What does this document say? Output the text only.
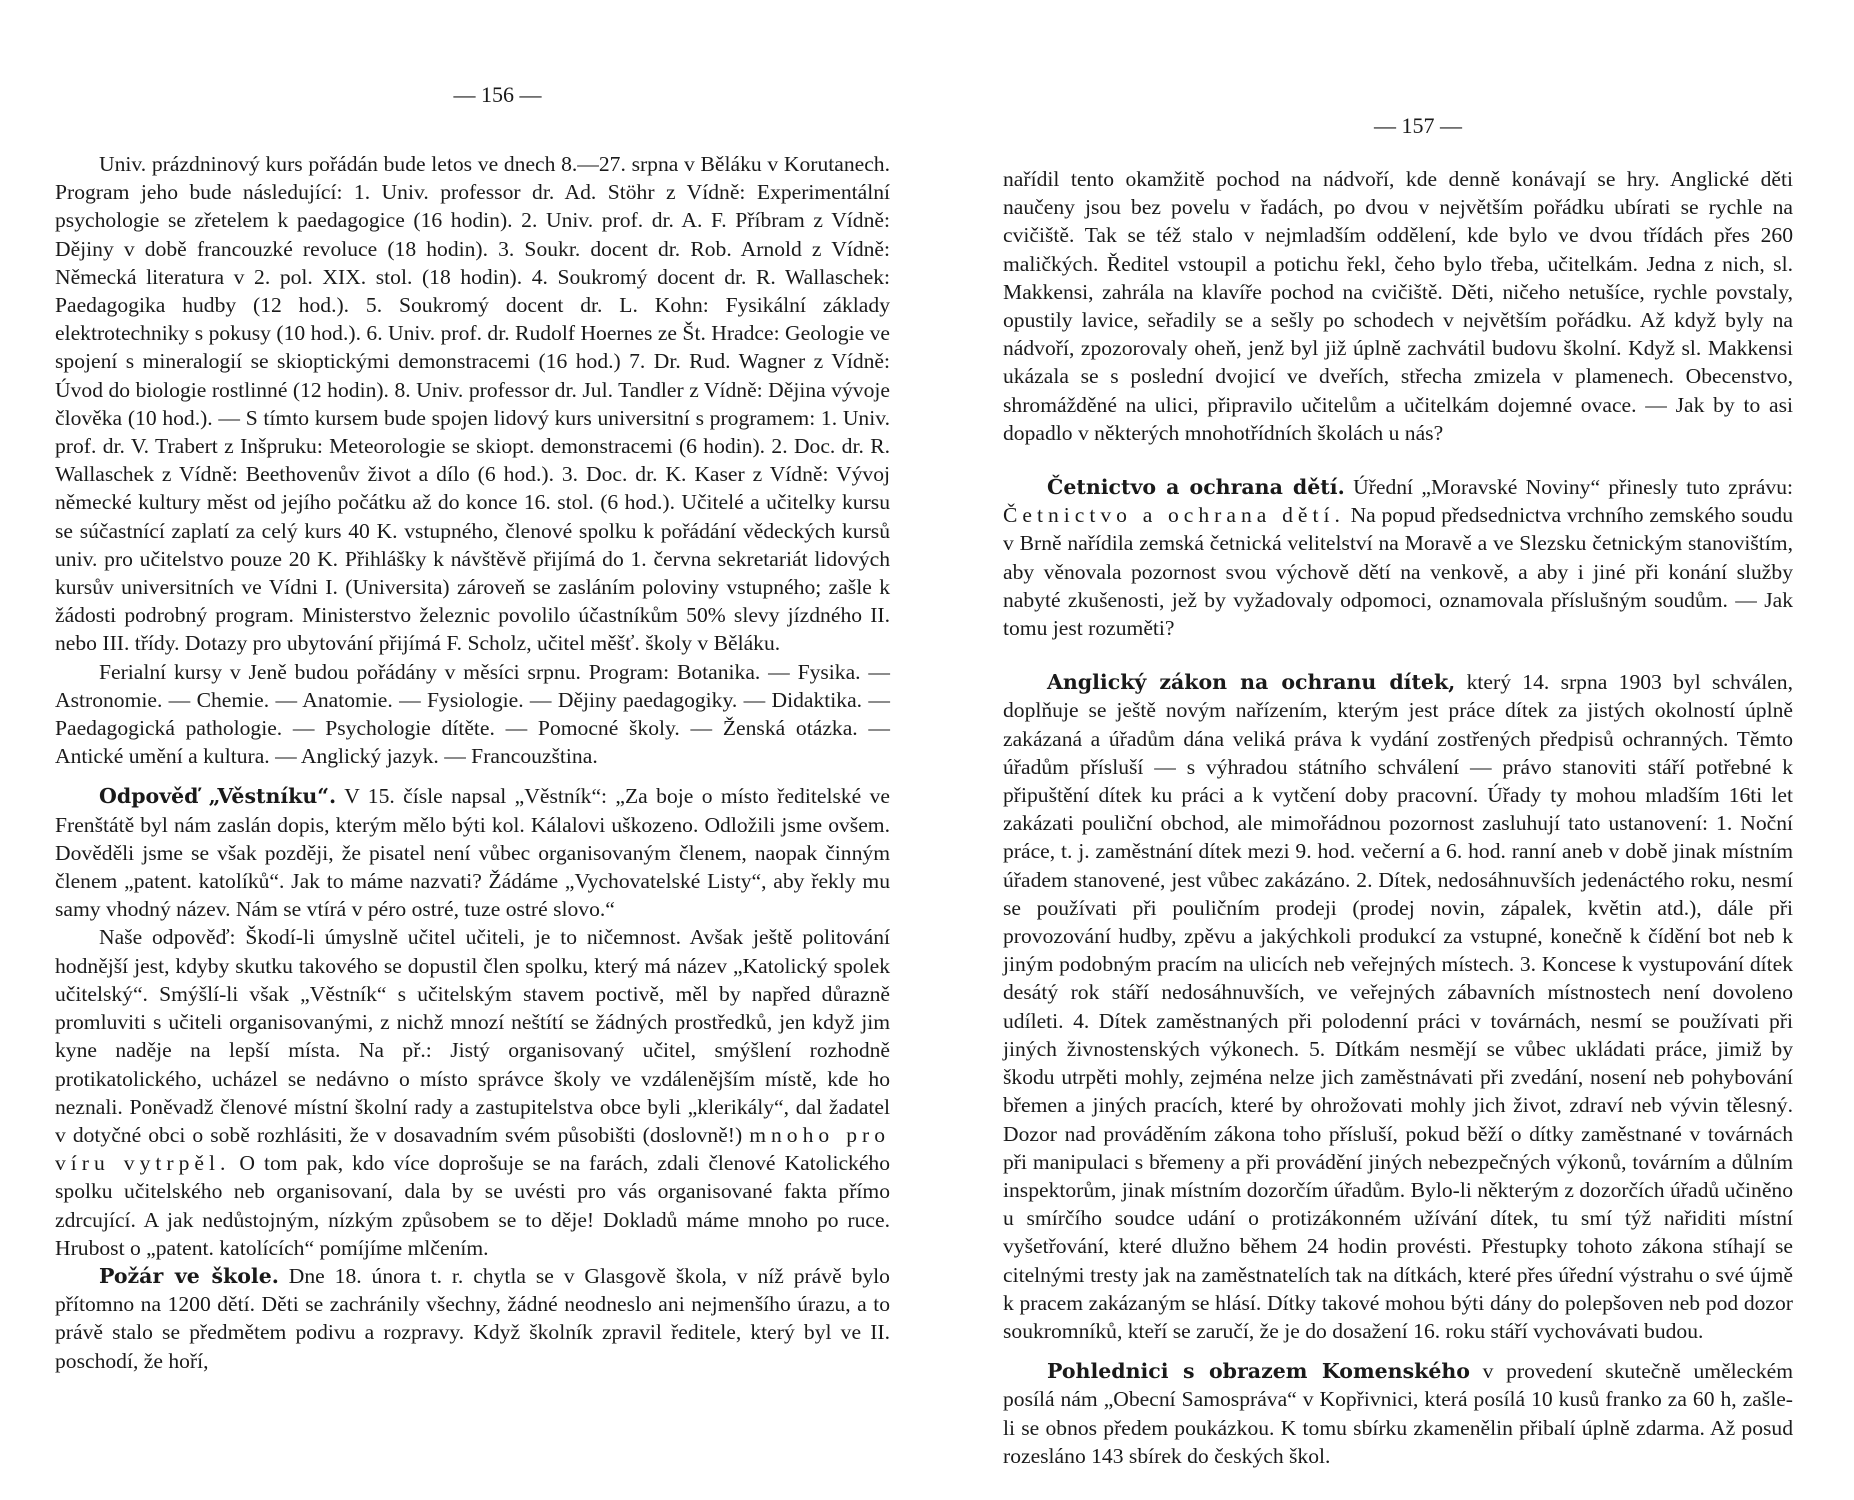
— 156 —

Univ. prázdninový kurs pořádán bude letos ve dnech 8.—27. srpna v Běláku v Korutanech. Program jeho bude následující: 1. Univ. professor dr. Ad. Stöhr z Vídně: Experimentální psychologie se zřetelem k paedagogice (16 hodin). 2. Univ. prof. dr. A. F. Příbram z Vídně: Dějiny v době francouzké revoluce (18 hodin). 3. Soukr. docent dr. Rob. Arnold z Vídně: Německá literatura v 2. pol. XIX. stol. (18 hodin). 4. Soukromý docent dr. R. Wallaschek: Paedagogika hudby (12 hod.). 5. Soukromý docent dr. L. Kohn: Fysikální základy elektrotechniky s pokusy (10 hod.). 6. Univ. prof. dr. Rudolf Hoernes ze Št. Hradce: Geologie ve spojení s mineralogií se skioptickými demonstracemi (16 hod.) 7. Dr. Rud. Wagner z Vídně: Úvod do biologie rostlinné (12 hodin). 8. Univ. professor dr. Jul. Tandler z Vídně: Dějina vývoje člověka (10 hod.). — S tímto kursem bude spojen lidový kurs universitní s programem: 1. Univ. prof. dr. V. Trabert z Inšpruku: Meteorologie se skiopt. demonstracemi (6 hodin). 2. Doc. dr. R. Wallaschek z Vídně: Beethovenův život a dílo (6 hod.). 3. Doc. dr. K. Kaser z Vídně: Vývoj německé kultury měst od jejího počátku až do konce 16. stol. (6 hod.). Učitelé a učitelky kursu se súčastnící zaplatí za celý kurs 40 K. vstupného, členové spolku k pořádání vědeckých kursů univ. pro učitelstvo pouze 20 K. Přihlášky k návštěvě přijímá do 1. června sekretariát lidových kursův universitních ve Vídni I. (Universita) zároveň se zasláním poloviny vstupného; zašle k žádosti podrobný program. Ministerstvo železnic povolilo účastníkům 50% slevy jízdného II. nebo III. třídy. Dotazy pro ubytování přijímá F. Scholz, učitel měšť. školy v Běláku.

Ferialní kursy v Jeně budou pořádány v měsíci srpnu. Program: Botanika. — Fysika. — Astronomie. — Chemie. — Anatomie. — Fysiologie. — Dějiny paedagogiky. — Didaktika. — Paedagogická pathologie. — Psychologie dítěte. — Pomocné školy. — Ženská otázka. — Antické umění a kultura. — Anglický jazyk. — Francouzština.

Odpověď „Věstníku“. V 15. čísle napsal „Věstník“: „Za boje o místo ředitelské ve Frenštátě byl nám zaslán dopis, kterým mělo býti kol. Kálalovi uškozeno. Odložili jsme ovšem. Dověděli jsme se však později, že pisatel není vůbec organisovaným členem, naopak činným členem „patent. katolíků“. Jak to máme nazvati? Žádáme „Vychovatelské Listy“, aby řekly mu samy vhodný název. Nám se vtírá v péro ostré, tuze ostré slovo.“

Naše odpověď: Škodí-li úmyslně učitel učiteli, je to ničemnost. Avšak ještě politování hodnější jest, kdyby skutku takového se dopustil člen spolku, který má název „Katolický spolek učitelský“. Smýšlí-li však „Věstník“ s učitelským stavem poctivě, měl by napřed důrazně promluviti s učiteli organisovanými, z nichž mnozí neštítí se žádných prostředků, jen když jim kyne naděje na lepší místa. Na př.: Jistý organisovaný učitel, smýšlení rozhodně protikatolického, ucházel se nedávno o místo správce školy ve vzdálenějším místě, kde ho neznali. Poněvadž členové místní školní rady a zastupitelstva obce byli „klerikály“, dal žadatel v dotyčné obci o sobě rozhlásiti, že v dosavadním svém působišti (doslovně!) mnoho pro víru vytrpěl. O tom pak, kdo více doprošuje se na farách, zdali členové Katolického spolku učitelského neb organisovaní, dala by se uvésti pro vás organisované fakta přímo zdrcující. A jak nedůstojným, nízkým způsobem se to děje! Dokladů máme mnoho po ruce. Hrubost o „patent. katolících“ pomíjíme mlčením.

Požár ve škole. Dne 18. února t. r. chytla se v Glasgově škola, v níž právě bylo přítomno na 1200 dětí. Děti se zachránily všechny, žádné neodneslo ani nejmenšího úrazu, a to právě stalo se předmětem podivu a rozpravy. Když školník zpravil ředitele, který byl ve II. poschodí, že hoří,

— 157 —

nařídil tento okamžitě pochod na nádvoří, kde denně konávají se hry. Anglické děti naučeny jsou bez povelu v řadách, po dvou v největším pořádku ubírati se rychle na cvičiště. Tak se též stalo v nejmladším oddělení, kde bylo ve dvou třídách přes 260 maličkých. Ředitel vstoupil a potichu řekl, čeho bylo třeba, učitelkám. Jedna z nich, sl. Makkensi, zahrála na klavíře pochod na cvičiště. Děti, ničeho netušíce, rychle povstaly, opustily lavice, seřadily se a sešly po schodech v největším pořádku. Až když byly na nádvoří, zpozorovaly oheň, jenž byl již úplně zachvátil budovu školní. Když sl. Makkensi ukázala se s poslední dvojicí ve dveřích, střecha zmizela v plamenech. Obecenstvo, shromážděné na ulici, připravilo učitelům a učitelkám dojemné ovace. — Jak by to asi dopadlo v některých mnohotřídních školách u nás?

Četnictvo a ochrana dětí. Úřední „Moravské Noviny“ přinesly tuto zprávu: Četnictvo a ochrana dětí. Na popud předsednictva vrchního zemského soudu v Brně nařídila zemská četnická velitelství na Moravě a ve Slezsku četnickým stanovištím, aby věnovala pozornost svou výchově dětí na venkově, a aby i jiné při konání služby nabyté zkušenosti, jež by vyžadovaly odpomoci, oznamovala příslušným soudům. — Jak tomu jest rozuměti?

Anglický zákon na ochranu dítek, který 14. srpna 1903 byl schválen, doplňuje se ještě novým nařízením, kterým jest práce dítek za jistých okolností úplně zakázaná a úřadům dána veliká práva k vydání zostřených předpisů ochranných. Těmto úřadům přísluší — s výhradou státního schválení — právo stanoviti stáří potřebné k připuštění dítek ku práci a k vytčení doby pracovní. Úřady ty mohou mladším 16ti let zakázati pouliční obchod, ale mimořádnou pozornost zasluhují tato ustanovení: 1. Noční práce, t. j. zaměstnání dítek mezi 9. hod. večerní a 6. hod. ranní aneb v době jinak místním úřadem stanovené, jest vůbec zakázáno. 2. Dítek, nedosáhnuvších jedenáctého roku, nesmí se používati při pouličním prodeji (prodej novin, zápalek, květin atd.), dále při provozování hudby, zpěvu a jakýchkoli produkcí za vstupné, konečně k čídění bot neb k jiným podobným pracím na ulicích neb veřejných místech. 3. Koncese k vystupování dítek desátý rok stáří nedosáhnuvších, ve veřejných zábavních místnostech není dovoleno udíleti. 4. Dítek zaměstnaných při polodenní práci v továrnách, nesmí se používati při jiných živnostenských výkonech. 5. Dítkám nesmějí se vůbec ukládati práce, jimiž by škodu utrpěti mohly, zejména nelze jich zaměstnávati při zvedání, nosení neb pohybování břemen a jiných pracích, které by ohrožovati mohly jich život, zdraví neb vývin tělesný. Dozor nad prováděním zákona toho přísluší, pokud běží o dítky zaměstnané v továrnách při manipulaci s břemeny a při provádění jiných nebezpečných výkonů, továrním a důlním inspektorům, jinak místním dozorčím úřadům. Bylo-li některým z dozorčích úřadů učiněno u smírčího soudce udání o protizákonném užívání dítek, tu smí týž nařiditi místní vyšetřování, které dlužno během 24 hodin provésti. Přestupky tohoto zákona stíhají se citelnými tresty jak na zaměstnatelích tak na dítkách, které přes úřední výstrahu o své újmě k pracem zakázaným se hlásí. Dítky takové mohou býti dány do polepšoven neb pod dozor soukromníků, kteří se zaručí, že je do dosažení 16. roku stáří vychovávati budou.

Pohlednici s obrazem Komenského v provedení skutečně uměleckém posílá nám „Obecní Samospráva“ v Kopřivnici, která posílá 10 kusů franko za 60 h, zašle-li se obnos předem poukázkou. K tomu sbírku zkamenělin přibalí úplně zdarma. Až posud rozesláno 143 sbírek do českých škol.
